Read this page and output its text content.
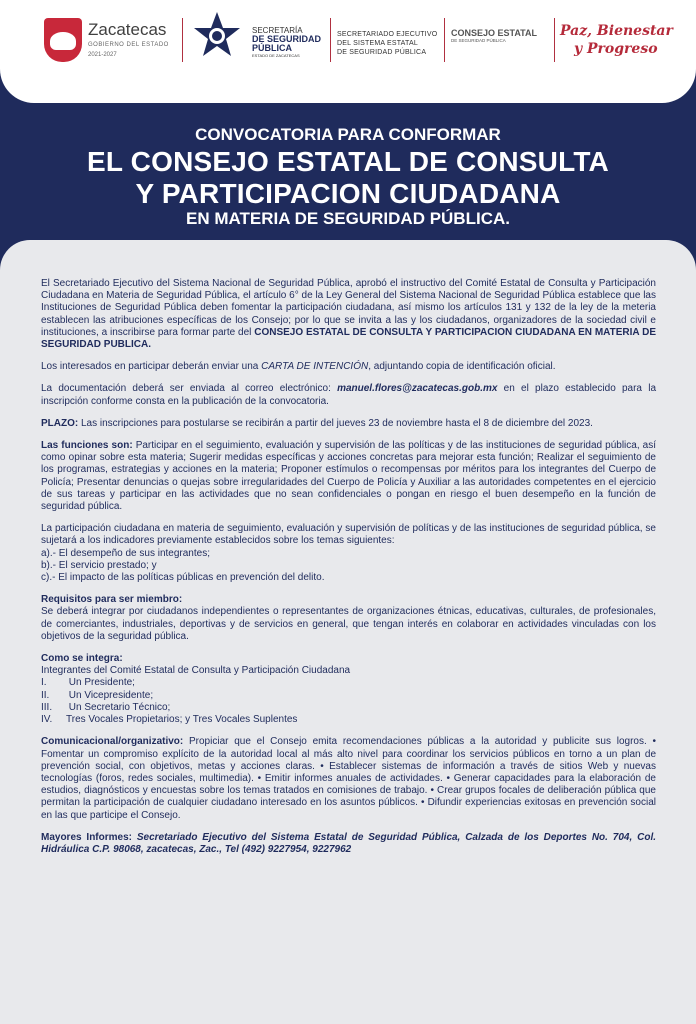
Zacatecas
GOBIERNO DEL ESTADO
2021-2027
SECRETARÍA
DE SEGURIDAD
PÚBLICA
ESTADO DE ZACATECAS
SECRETARIADO EJECUTIVO
DEL SISTEMA ESTATAL
DE SEGURIDAD PÚBLICA
CONSEJO ESTATAL
DE SEGURIDAD PÚBLICA
Paz, Bienestar
y Progreso
CONVOCATORIA PARA CONFORMAR
EL CONSEJO ESTATAL DE CONSULTA
Y PARTICIPACION CIUDADANA
EN MATERIA DE SEGURIDAD PÚBLICA.

El Secretariado Ejecutivo del Sistema Nacional de Seguridad Pública, aprobó el instructivo del Comité Estatal de Consulta y Participación Ciudadana en Materia de Seguridad Pública, el artículo 6° de la Ley General del Sistema Nacional de Seguridad Pública establece que las Instituciones de Seguridad Pública deben fomentar la participación ciudadana, así mismo los artículos 131 y 132 de la ley de la meteria establecen las atribuciones específicas de los Consejo; por lo que se invita a las y los ciudadanos, organizadores de la sociedad civil e instituciones, a inscribirse para formar parte del CONSEJO ESTATAL DE CONSULTA Y PARTICIPACION CIUDADANA EN MATERIA DE SEGURIDAD PUBLICA.

Los interesados en participar deberán enviar una CARTA DE INTENCIÓN, adjuntando copia de identificación oficial.

La documentación deberá ser enviada al correo electrónico: manuel.flores@zacatecas.gob.mx en el plazo establecido para la inscripción conforme consta en la publicación de la convocatoria.

PLAZO: Las inscripciones para postularse se recibirán a partir del jueves 23 de noviembre hasta el 8 de diciembre del 2023.

Las funciones son: Participar en el seguimiento, evaluación y supervisión de las políticas y de las instituciones de seguridad pública, así como opinar sobre esta materia; Sugerir medidas específicas y acciones concretas para mejorar esta función; Realizar el seguimiento de los programas, estrategias y acciones en la materia; Proponer estímulos o recompensas por méritos para los integrantes del Cuerpo de Policía; Presentar denuncias o quejas sobre irregularidades del Cuerpo de Policía y Auxiliar a las autoridades competentes en el ejercicio de sus tareas y participar en las actividades que no sean confidenciales o pongan en riesgo el buen desempeño en la función de seguridad pública.

La participación ciudadana en materia de seguimiento, evaluación y supervisión de políticas y de las instituciones de seguridad pública, se sujetará a los indicadores previamente establecidos sobre los temas siguientes:
a).- El desempeño de sus integrantes;
b).- El servicio prestado; y
c).- El impacto de las políticas públicas en prevención del delito.

Requisitos para ser miembro:
Se deberá integrar por ciudadanos independientes o representantes de organizaciones étnicas, educativas, culturales, de profesionales, de comerciantes, industriales, deportivas y de servicios en general, que tengan interés en colaborar en actividades vinculadas con los objetivos de la seguridad pública.

Como se integra:
Integrantes del Comité Estatal de Consulta y Participación Ciudadana
I.        Un Presidente;
II.       Un Vicepresidente;
III.      Un Secretario Técnico;
IV.     Tres Vocales Propietarios; y Tres Vocales Suplentes

Comunicacional/organizativo: Propiciar que el Consejo emita recomendaciones públicas a la autoridad y publicite sus logros. • Fomentar un compromiso explícito de la autoridad local al más alto nivel para coordinar los servicios públicos en torno a un plan de prevención social, con objetivos, metas y acciones claras. • Establecer sistemas de información a través de sitios Web y nuevas tecnologías (foros, redes sociales, multimedia). • Emitir informes anuales de actividades. • Generar capacidades para la elaboración de estudios, diagnósticos y encuestas sobre los temas tratados en comisiones de trabajo. • Crear grupos focales de deliberación pública que permitan la participación de cualquier ciudadano interesado en los asuntos públicos. • Difundir experiencias exitosas en prevención social en las que participe el Consejo.

Mayores Informes: Secretariado Ejecutivo del Sistema Estatal de Seguridad Pública, Calzada de los Deportes No. 704, Col. Hidráulica C.P. 98068, zacatecas, Zac., Tel (492) 9227954, 9227962
